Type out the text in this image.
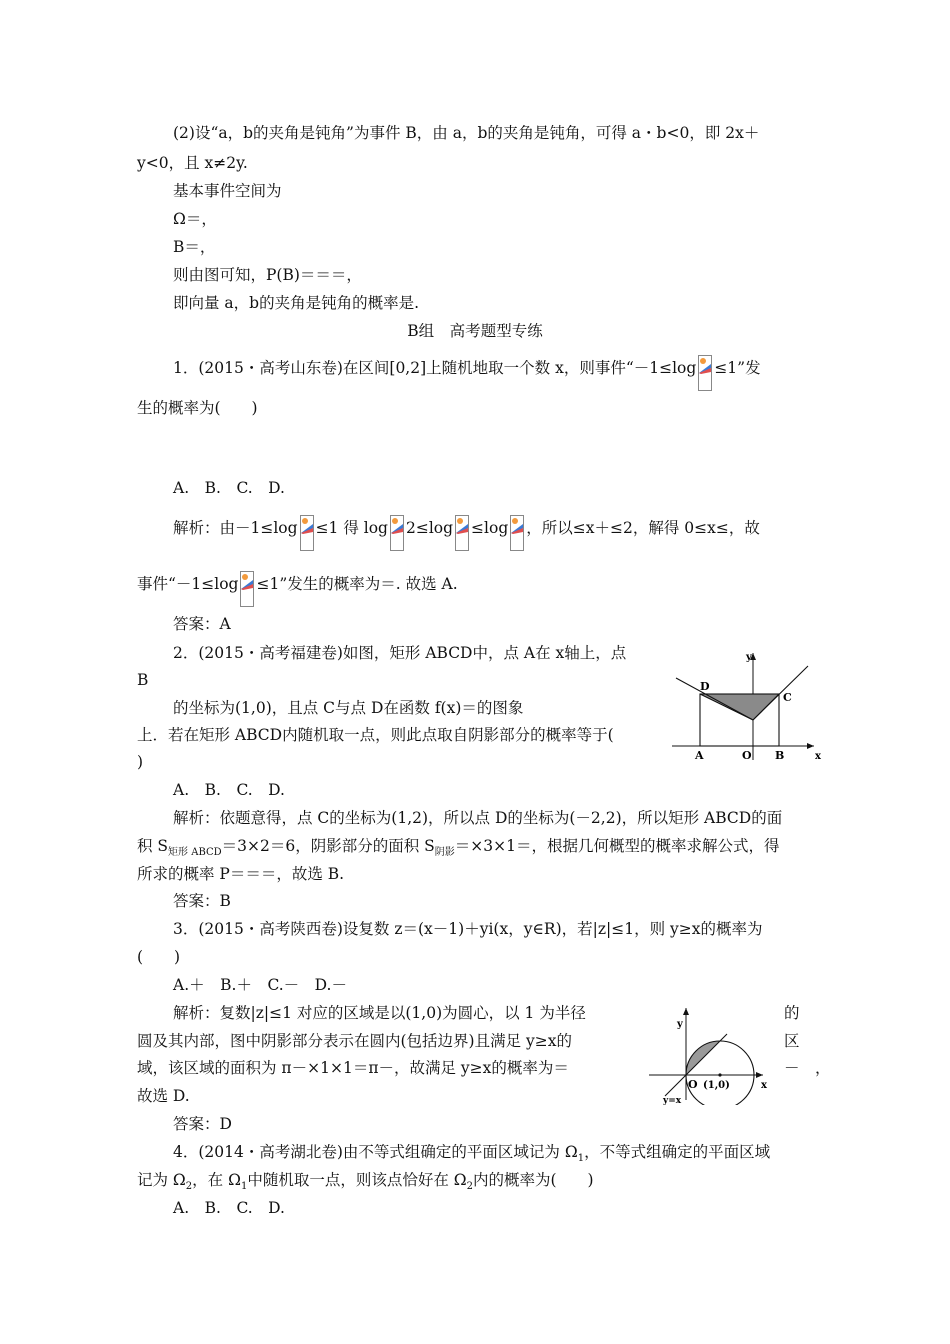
(2)设“a，b的夹角是钝角”为事件 B，由 a，b的夹角是钝角，可得 a・b<0，即 2x＋
y<0，且 x≠2y.
基本事件空间为
Ω＝，
B＝，
则由图可知，P(B)＝＝＝，
即向量 a，b的夹角是钝角的概率是.
B组　高考题型专练
1．(2015・高考山东卷)在区间[0,2]上随机地取一个数 x，则事件“－1≤log ≤1”发
生的概率为(　　)
A.　B.　C.　D.
解析：由－1≤log ≤1 得 log 2≤log ≤log ，所以≤x＋≤2，解得 0≤x≤，故
事件“－1≤log ≤1”发生的概率为＝. 故选 A.
答案：A
2．(2015・高考福建卷)如图，矩形 ABCD中，点 A在 x轴上，点
B
的坐标为(1,0)，且点 C与点 D在函数 f(x)＝的图象
上．若在矩形 ABCD内随机取一点，则此点取自阴影部分的概率等于(
)
A.　B.　C.　D.
y
x
D
C
A	O B
解析：依题意得，点 C的坐标为(1,2)，所以点 D的坐标为(－2,2)，所以矩形 ABCD的面
积 $S_{矩形 ABCD}=3\times 2=6$，阴影部分的面积 $S_{阴影}=\times 3\times 1=$，根据几何概型的概率求解公式，得
所求的概率 P＝＝＝，故选 B.
答案：B
3．(2015・高考陕西卷)设复数 z＝(x－1)＋yi(x，y∈R)，若|z|≤1，则 y≥x的概率为
(　　)
A.＋　B.＋　C.－　D.－
解析：复数|z|≤1 对应的区域是以(1,0)为圆心，以 1 为半径	的
圆及其内部，图中阴影部分表示在圆内(包括边界)且满足 y≥x的	区
域，该区域的面积为 π－×1×1＝π－，故满足 y≥x的概率为＝	－　，
故选 D.
答案：D
y
x
O (1,0)
y=x
4．(2014・高考湖北卷)由不等式组确定的平面区域记为 $\Omega_1$，不等式组确定的平面区域
记为 $\Omega_2$，在 $\Omega_1$中随机取一点，则该点恰好在 $\Omega_2$内的概率为(　　)
A.　B.　C.　D.
